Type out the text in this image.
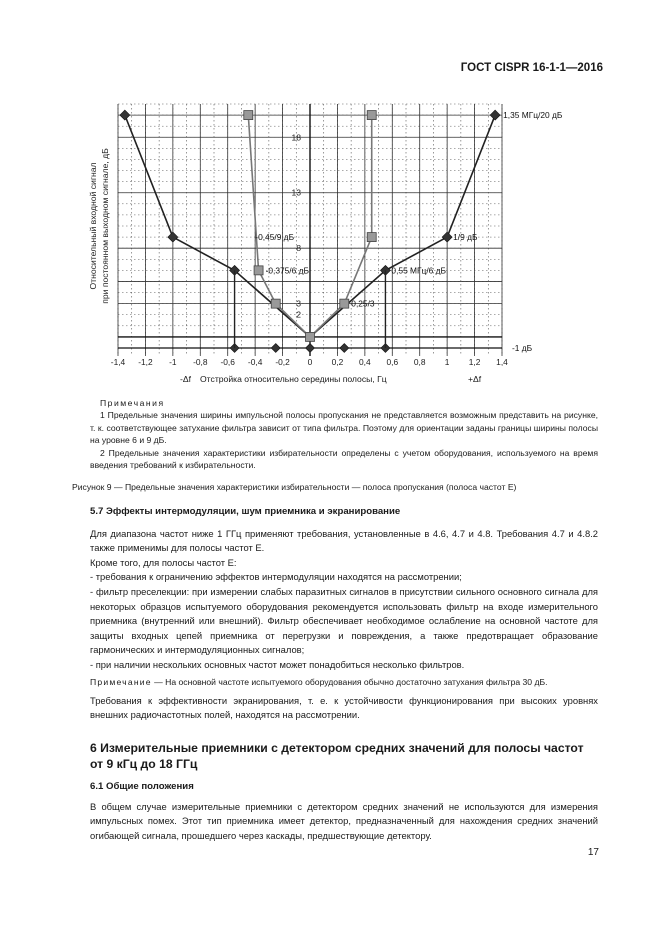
ГОСТ CISPR 16-1-1—2016
-1,4 -1,2 -1 -0,8 -0,6 -0,4 -0,2 0 0,2 0,4 0,6 0,8 1 1,2 1,4
2
3
8
13
18
Относительный входной сигнал при постоянном выходном сигнале, дБ
1,35 МГц/20 дБ
-0,45/9 дБ	1/9 дБ
-0,375/6 дБ	0,55 МГц/6 дБ
0,25/3
-1 дБ
-Δf Отстройка относительно середины полосы, Гц	+Δf
Примечания

1 Предельные значения ширины импульсной полосы пропускания не представляется возможным представить на рисунке, т. к. соответствующее затухание фильтра зависит от типа фильтра. Поэтому для ориентации заданы границы ширины полосы на уровне 6 и 9 дБ.

2 Предельные значения характеристики избирательности определены с учетом оборудования, используемого на время введения требований к избирательности.

Рисунок 9 — Предельные значения характеристики избирательности — полоса пропускания (полоса частот E)
5.7 Эффекты интермодуляции, шум приемника и экранирование

Для диапазона частот ниже 1 ГГц применяют требования, установленные в 4.6, 4.7 и 4.8. Требования 4.7 и 4.8.2 также применимы для полосы частот E.

Кроме того, для полосы частот E:

- требования к ограничению эффектов интермодуляции находятся на рассмотрении;

- фильтр преселекции: при измерении слабых паразитных сигналов в присутствии сильного основного сигнала для некоторых образцов испытуемого оборудования рекомендуется использовать фильтр на входе измерительного приемника (внутренний или внешний). Фильтр обеспечивает необходимое ослабление на основной частоте для защиты входных цепей приемника от перегрузки и повреждения, а также предотвращает образование гармонических и интермодуляционных сигналов;

- при наличии нескольких основных частот может понадобиться несколько фильтров.

Примечание — На основной частоте испытуемого оборудования обычно достаточно затухания фильтра 30 дБ.

Требования к эффективности экранирования, т. е. к устойчивости функционирования при высоких уровнях внешних радиочастотных полей, находятся на рассмотрении.

6 Измерительные приемники с детектором средних значений для полосы частот от 9 кГц до 18 ГГц
6.1 Общие положения

В общем случае измерительные приемники с детектором средних значений не используются для измерения импульсных помех. Этот тип приемника имеет детектор, предназначенный для нахождения средних значений огибающей сигнала, прошедшего через каскады, предшествующие детектору.

17
